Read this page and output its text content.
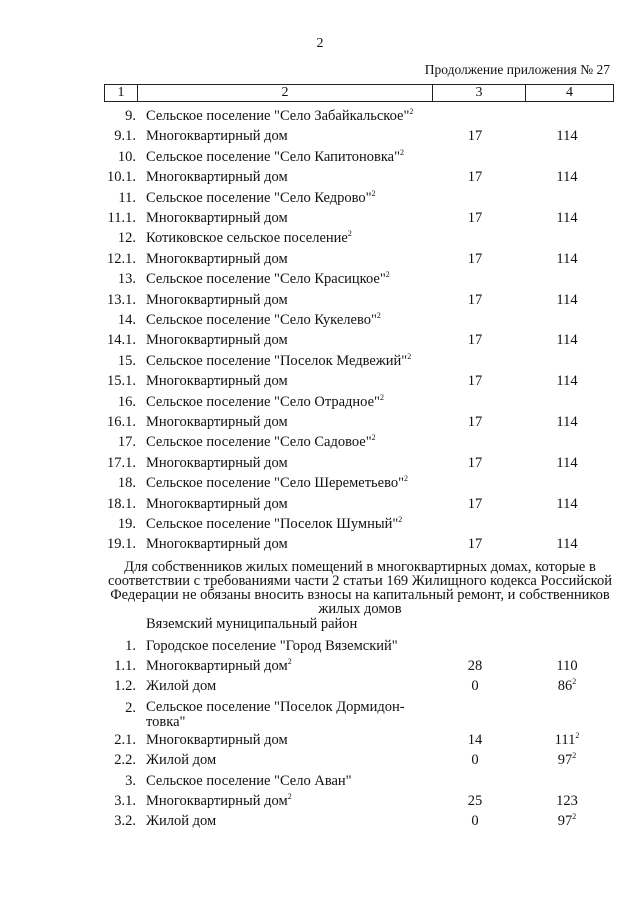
2
Продолжение приложения № 27
1	2	3	4
9. Сельское поселение "Село Забайкальское"$^2$
9.1. Многоквартирный дом	17	114
10. Сельское поселение "Село Капитоновка"$^2$
10.1. Многоквартирный дом	17	114
11. Сельское поселение "Село Кедрово"$^2$
11.1. Многоквартирный дом	17	114
12. Котиковское сельское поселение$^2$
12.1. Многоквартирный дом	17	114
13. Сельское поселение "Село Красицкое"$^2$
13.1. Многоквартирный дом	17	114
14. Сельское поселение "Село Кукелево"$^2$
14.1. Многоквартирный дом	17	114
15. Сельское поселение "Поселок Медвежий"$^2$
15.1. Многоквартирный дом	17	114
16. Сельское поселение "Село Отрадное"$^2$
16.1. Многоквартирный дом	17	114
17. Сельское поселение "Село Садовое"$^2$
17.1. Многоквартирный дом	17	114
18. Сельское поселение "Село Шереметьево"$^2$
18.1. Многоквартирный дом	17	114
19. Сельское поселение "Поселок Шумный"$^2$
19.1. Многоквартирный дом	17	114
Для собственников жилых помещений в многоквартирных домах, которые в соответствии с требованиями части 2 статьи 169 Жилищного кодекса Российской Федерации не обязаны вносить взносы на капитальный ремонт, и собственников жилых домов
Вяземский муниципальный район
1. Городское поселение "Город Вяземский"
1.1. Многоквартирный дом$^2$	28	110
1.2. Жилой дом	0	$86^2$
2. Сельское поселение "Поселок Дормидон-товка"
2.1. Многоквартирный дом	14	$111^2$
2.2. Жилой дом	0	$97^2$
3. Сельское поселение "Село Аван"
3.1. Многоквартирный дом$^2$	25	123
3.2. Жилой дом	0	$97^2$
